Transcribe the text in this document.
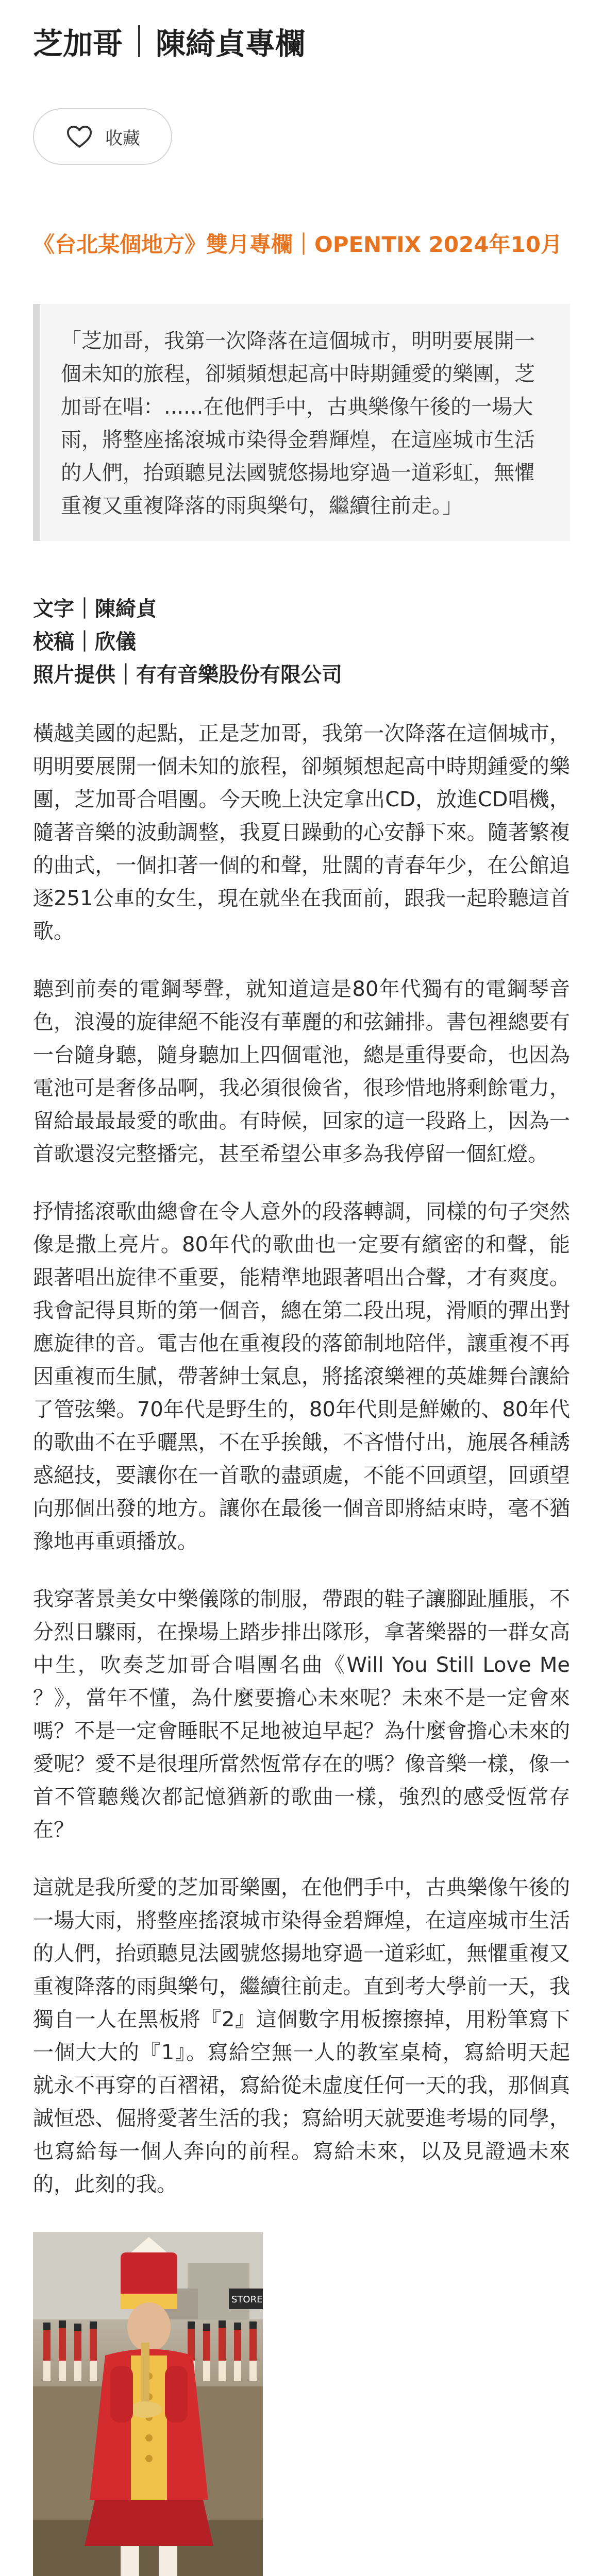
芝加哥 陳綺貞專欄
收藏
《台北某個地方》雙月專欄｜OPENTIX 2024年10月
「芝加哥，我第一次降落在這個城市，明明要展開一個未知的旅程，卻頻頻想起高中時期鍾愛的樂團，芝加哥在唱：......在他們手中，古典樂像午後的一場大雨，將整座搖滾城市染得金碧輝煌，在這座城市生活的人們，抬頭聽見法國號悠揚地穿過一道彩虹，無懼重複又重複降落的雨與樂句，繼續往前走。」
文字｜陳綺貞
校稿｜欣儀
照片提供｜有有音樂股份有限公司

橫越美國的起點，正是芝加哥，我第一次降落在這個城市，明明要展開一個未知的旅程，卻頻頻想起高中時期鍾愛的樂團，芝加哥合唱團。今天晚上決定拿出CD，放進CD唱機，隨著音樂的波動調整，我夏日躁動的心安靜下來。隨著繁複的曲式，一個扣著一個的和聲，壯闊的青春年少，在公館追逐251公車的女生，現在就坐在我面前，跟我一起聆聽這首歌。

聽到前奏的電鋼琴聲，就知道這是80年代獨有的電鋼琴音色，浪漫的旋律絕不能沒有華麗的和弦鋪排。書包裡總要有一台隨身聽，隨身聽加上四個電池，總是重得要命，也因為電池可是奢侈品啊，我必須很儉省，很珍惜地將剩餘電力，留給最最最愛的歌曲。有時候，回家的這一段路上，因為一首歌還沒完整播完，甚至希望公車多為我停留一個紅燈。

抒情搖滾歌曲總會在令人意外的段落轉調，同樣的句子突然像是撒上亮片。80年代的歌曲也一定要有繽密的和聲，能跟著唱出旋律不重要，能精準地跟著唱出合聲，才有爽度。我會記得貝斯的第一個音，總在第二段出現，滑順的彈出對應旋律的音。電吉他在重複段的落節制地陪伴，讓重複不再因重複而生膩，帶著紳士氣息，將搖滾樂裡的英雄舞台讓給了管弦樂。70年代是野生的，80年代則是鮮嫩的、80年代的歌曲不在乎曬黑，不在乎挨餓，不吝惜付出，施展各種誘惑絕技，要讓你在一首歌的盡頭處，不能不回頭望，回頭望向那個出發的地方。讓你在最後一個音即將結束時，毫不猶豫地再重頭播放。

我穿著景美女中樂儀隊的制服，帶跟的鞋子讓腳趾腫脹，不分烈日驟雨，在操場上踏步排出隊形，拿著樂器的一群女高中生，吹奏芝加哥合唱團名曲《Will You Still Love Me ？》，當年不懂，為什麼要擔心未來呢？未來不是一定會來嗎？不是一定會睡眠不足地被迫早起？為什麼會擔心未來的愛呢？愛不是很理所當然恆常存在的嗎？像音樂一樣，像一首不管聽幾次都記憶猶新的歌曲一樣，強烈的感受恆常存在？

這就是我所愛的芝加哥樂團，在他們手中，古典樂像午後的一場大雨，將整座搖滾城市染得金碧輝煌，在這座城市生活的人們，抬頭聽見法國號悠揚地穿過一道彩虹，無懼重複又重複降落的雨與樂句，繼續往前走。直到考大學前一天，我獨自一人在黑板將『2』這個數字用板擦擦掉，用粉筆寫下一個大大的『1』。寫給空無一人的教室桌椅，寫給明天起就永不再穿的百褶裙，寫給從未虛度任何一天的我，那個真誠恒恐、倔將愛著生活的我；寫給明天就要進考場的同學，也寫給每一個人奔向的前程。寫給未來，以及見證過未來的，此刻的我。

STORE
